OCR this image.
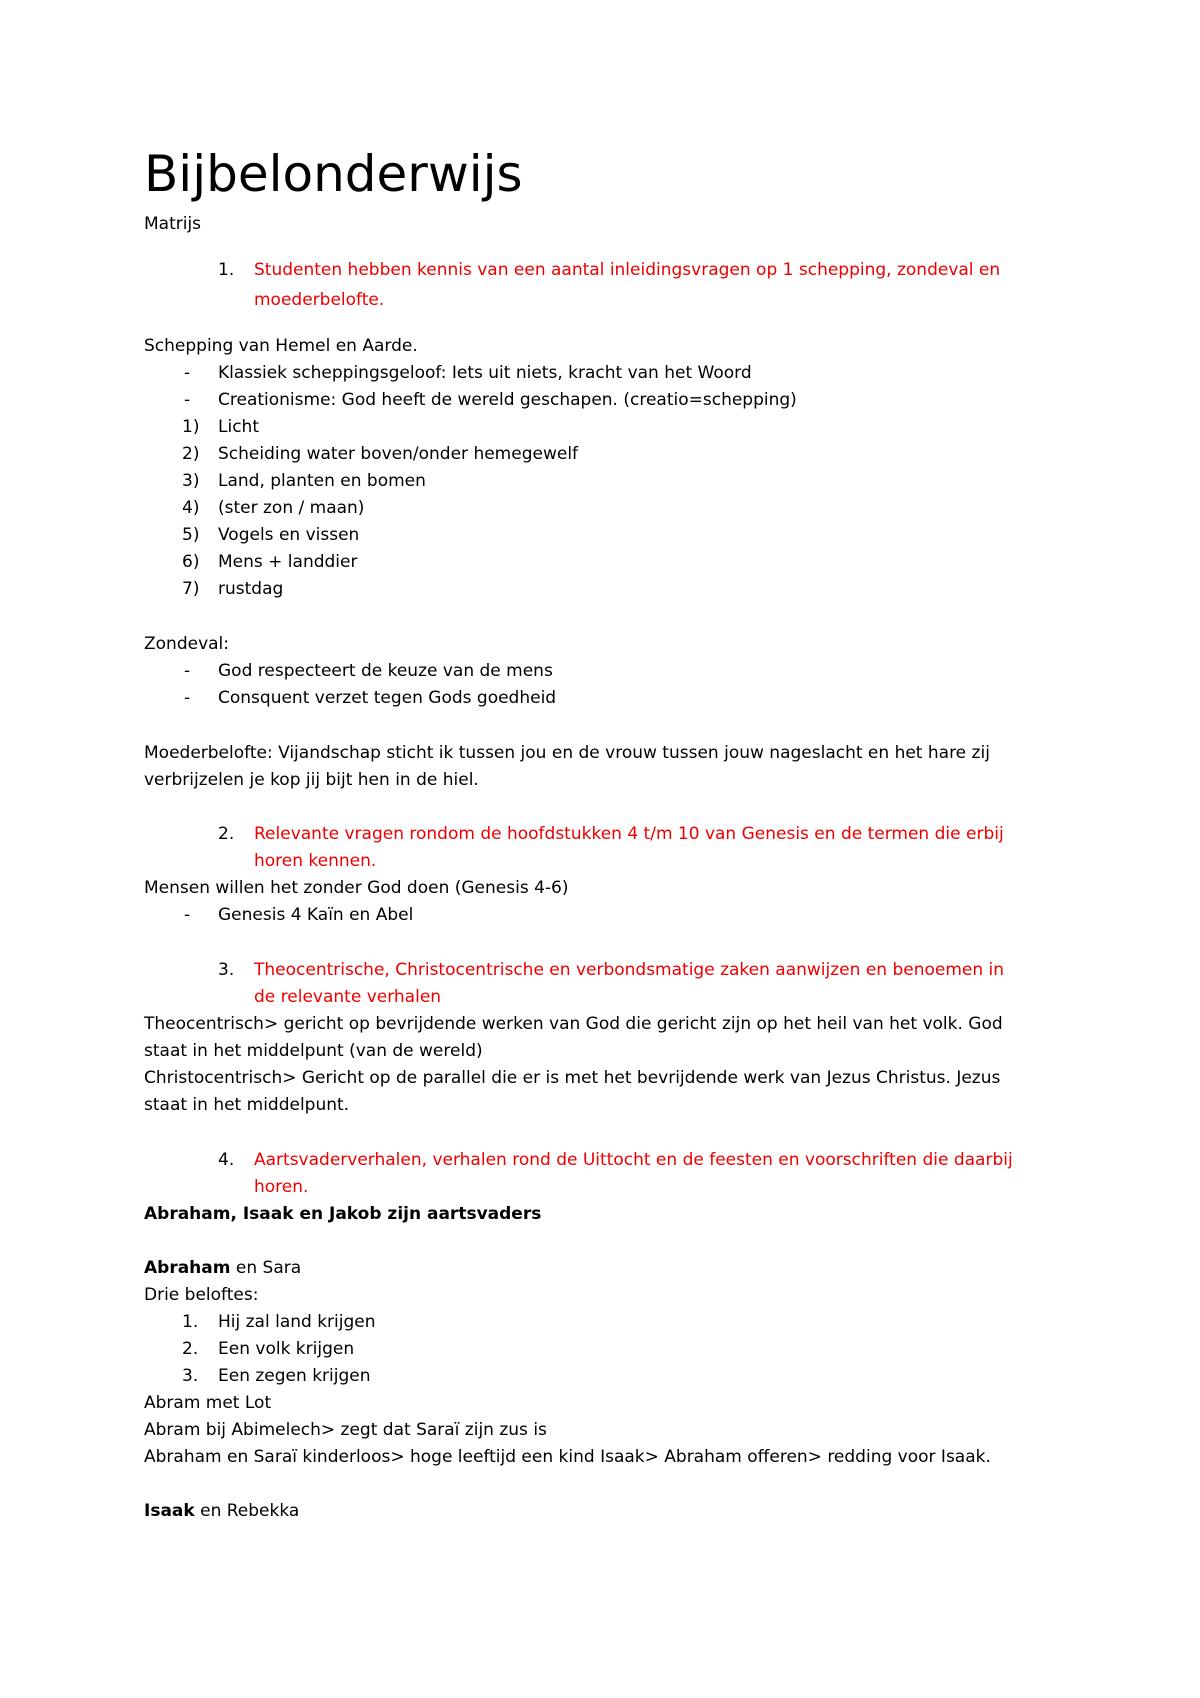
Bijbelonderwijs
Matrijs
1. Studenten hebben kennis van een aantal inleidingsvragen op 1 schepping, zondeval en
moederbelofte.
Schepping van Hemel en Aarde.
- Klassiek scheppingsgeloof: Iets uit niets, kracht van het Woord
- Creationisme: God heeft de wereld geschapen. (creatio=schepping)
1) Licht
2) Scheiding water boven/onder hemegewelf
3) Land, planten en bomen
4) (ster zon / maan)
5) Vogels en vissen
6) Mens + landdier
7) rustdag
Zondeval:
- God respecteert de keuze van de mens
- Consquent verzet tegen Gods goedheid
Moederbelofte: Vijandschap sticht ik tussen jou en de vrouw tussen jouw nageslacht en het hare zij
verbrijzelen je kop jij bijt hen in de hiel.
2. Relevante vragen rondom de hoofdstukken 4 t/m 10 van Genesis en de termen die erbij
horen kennen.
Mensen willen het zonder God doen (Genesis 4-6)
- Genesis 4 Kaïn en Abel
3. Theocentrische, Christocentrische en verbondsmatige zaken aanwijzen en benoemen in
de relevante verhalen
Theocentrisch> gericht op bevrijdende werken van God die gericht zijn op het heil van het volk. God
staat in het middelpunt (van de wereld)
Christocentrisch> Gericht op de parallel die er is met het bevrijdende werk van Jezus Christus. Jezus
staat in het middelpunt.
4. Aartsvaderverhalen, verhalen rond de Uittocht en de feesten en voorschriften die daarbij
horen.
Abraham, Isaak en Jakob zijn aartsvaders
Abraham en Sara
Drie beloftes:
1. Hij zal land krijgen
2. Een volk krijgen
3. Een zegen krijgen
Abram met Lot
Abram bij Abimelech> zegt dat Saraï zijn zus is
Abraham en Saraï kinderloos> hoge leeftijd een kind Isaak> Abraham offeren> redding voor Isaak.
Isaak en Rebekka
